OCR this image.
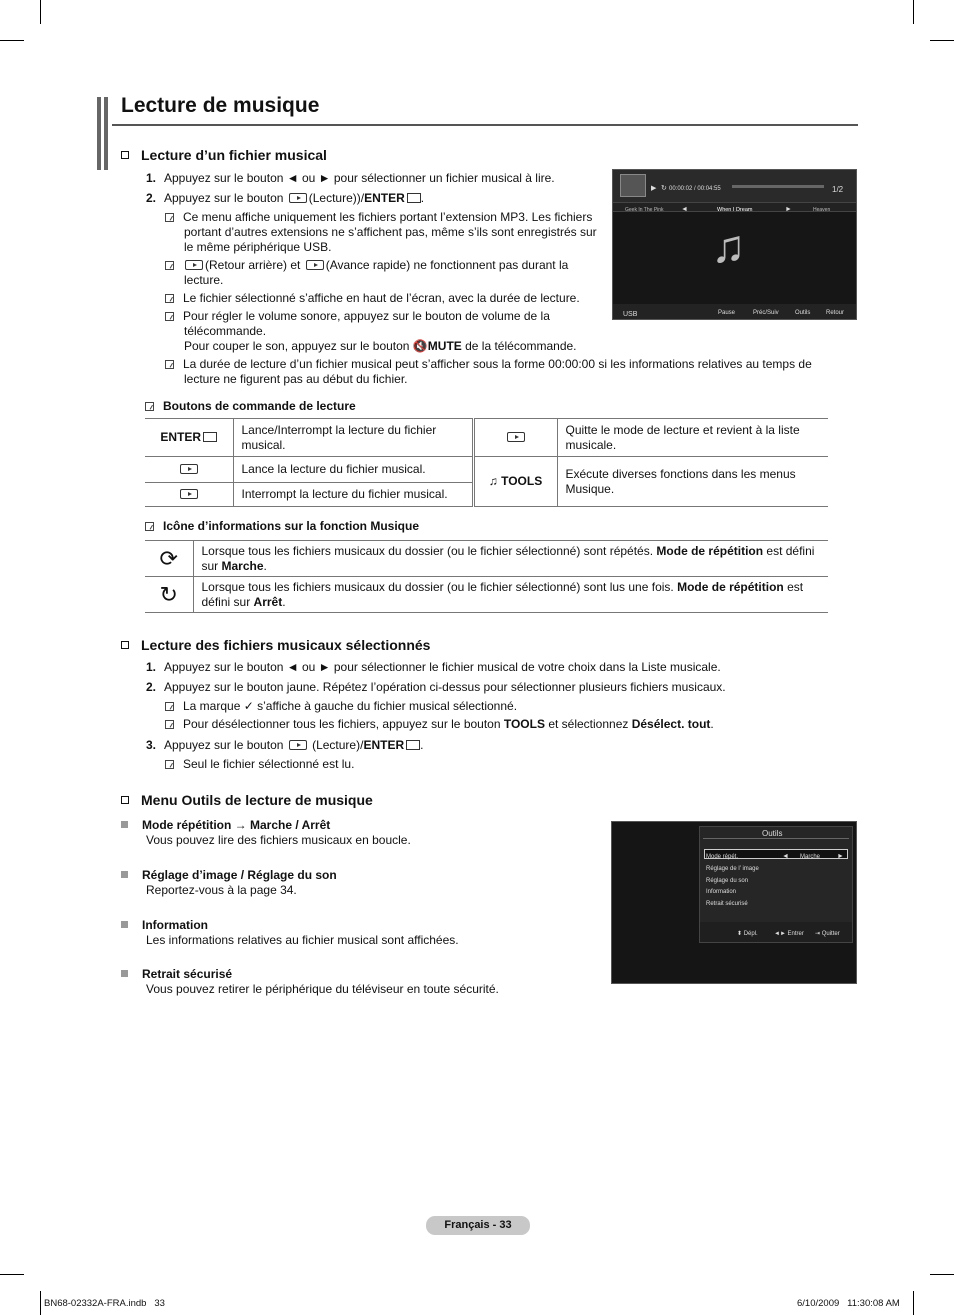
Lecture de musique
Lecture d’un fichier musical
1. Appuyez sur le bouton ◄ ou ► pour sélectionner un fichier musical à lire.
2. Appuyez sur le bouton (Lecture))/ENTER .

Ce menu affiche uniquement les fichiers portant l’extension MP3. Les fichiers portant d’autres extensions ne s’affichent pas, même s’ils sont enregistrés sur le même périphérique USB.

(Retour arrière) et (Avance rapide) ne fonctionnent pas durant la lecture.

Le fichier sélectionné s’affiche en haut de l’écran, avec la durée de lecture.

Pour régler le volume sonore, appuyez sur le bouton de volume de la télécommande.
Pour couper le son, appuyez sur le bouton 🔇MUTE de la télécommande.

La durée de lecture d’un fichier musical peut s’afficher sous la forme 00:00:00 si les informations relatives au temps de lecture ne figurent pas au début du fichier.

▶ ↻ 00:00:02 / 00:04:55	1/2
Geek In The Pink ◄	When I Dream	►	Heaven
♫
USB	Pause	Préc/Suiv	Outils	Retour
Boutons de commande de lecture
ENTER	Lance/Interrompt la lecture du fichier musical.		Quitte le mode de lecture et revient à la liste musicale.
	Lance la lecture du fichier musical.	♫ TOOLS	Exécute diverses fonctions dans les menus Musique.
	Interrompt la lecture du fichier musical.		
Icône d’informations sur la fonction Musique
⟳	Lorsque tous les fichiers musicaux du dossier (ou le fichier sélectionné) sont répétés. Mode de répétition est défini sur Marche.
↻	Lorsque tous les fichiers musicaux du dossier (ou le fichier sélectionné) sont lus une fois. Mode de répétition est défini sur Arrêt.
Lecture des fichiers musicaux sélectionnés
1. Appuyez sur le bouton ◄ ou ► pour sélectionner le fichier musical de votre choix dans la Liste musicale.
2. Appuyez sur le bouton jaune. Répétez l’opération ci-dessus pour sélectionner plusieurs fichiers musicaux.

La marque ✓ s’affiche à gauche du fichier musical sélectionné.

Pour désélectionner tous les fichiers, appuyez sur le bouton TOOLS et sélectionnez Désélect. tout.

3. Appuyez sur le bouton  (Lecture)/ENTER .

Seul le fichier sélectionné est lu.

Menu Outils de lecture de musique
Mode répétition → Marche / Arrêt
Vous pouvez lire des fichiers musicaux en boucle.
Réglage d’image / Réglage du son
Reportez-vous à la page 34.
Information
Les informations relatives au fichier musical sont affichées.
Retrait sécurisé
Vous pouvez retirer le périphérique du téléviseur en toute sécurité.
Outils
Mode répét.	◄ Marche ►
Réglage de l’ image
Réglage du son
Information
Retrait sécurisé
⬍ Dépl.	◄► Entrer ⇥ Quitter
Français - 33
BN68-02332A-FRA.indb   33	6/10/2009   11:30:08 AM
